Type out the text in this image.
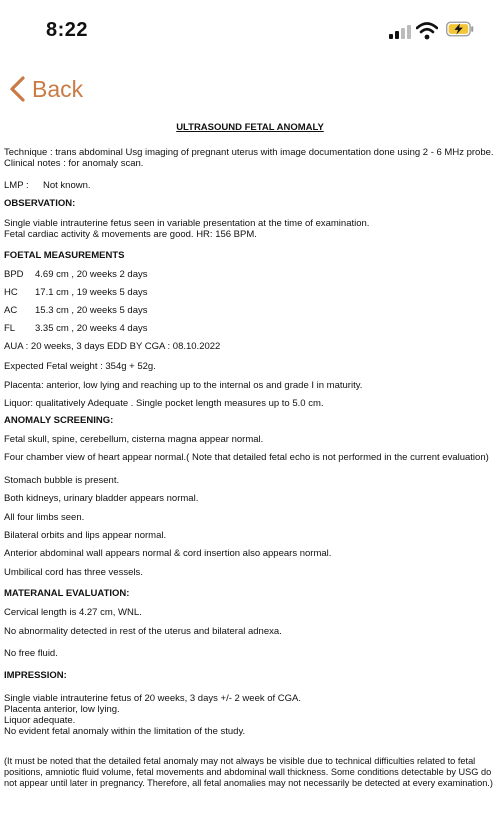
8:22
Back

ULTRASOUND FETAL ANOMALY

Technique : trans abdominal Usg imaging of pregnant uterus with image documentation done using 2 - 6 MHz probe.

Clinical notes : for anomaly scan.

LMP : Not known.

OBSERVATION:

Single viable intrauterine fetus seen in variable presentation at the time of examination.

Fetal cardiac activity & movements are good. HR: 156 BPM.

FOETAL MEASUREMENTS

BPD 4.69 cm , 20 weeks 2 days
HC 17.1 cm , 19 weeks 5 days
AC 15.3 cm , 20 weeks 5 days
FL 3.35 cm , 20 weeks 4 days

AUA : 20 weeks, 3 days EDD BY CGA : 08.10.2022

Expected Fetal weight : 354g + 52g.

Placenta: anterior, low lying and reaching up to the internal os and grade I in maturity.

Liquor: qualitatively Adequate . Single pocket length measures up to 5.0 cm.

ANOMALY SCREENING:

Fetal skull, spine, cerebellum, cisterna magna appear normal.

Four chamber view of heart appear normal.( Note that detailed fetal echo is not performed in the current evaluation)

Stomach bubble is present.

Both kidneys, urinary bladder appears normal.

All four limbs seen.

Bilateral orbits and lips appear normal.

Anterior abdominal wall appears normal & cord insertion also appears normal.

Umbilical cord has three vessels.

MATERANAL EVALUATION:

Cervical length is 4.27 cm, WNL.

No abnormality detected in rest of the uterus and bilateral adnexa.

No free fluid.

IMPRESSION:

Single viable intrauterine fetus of 20 weeks, 3 days +/- 2 week of CGA.

Placenta anterior, low lying.

Liquor adequate.

No evident fetal anomaly within the limitation of the study.

(It must be noted that the detailed fetal anomaly may not always be visible due to technical difficulties related to fetal

positions, amniotic fluid volume, fetal movements and abdominal wall thickness. Some conditions detectable by USG do

not appear until later in pregnancy. Therefore, all fetal anomalies may not necessarily be detected at every examination.)
